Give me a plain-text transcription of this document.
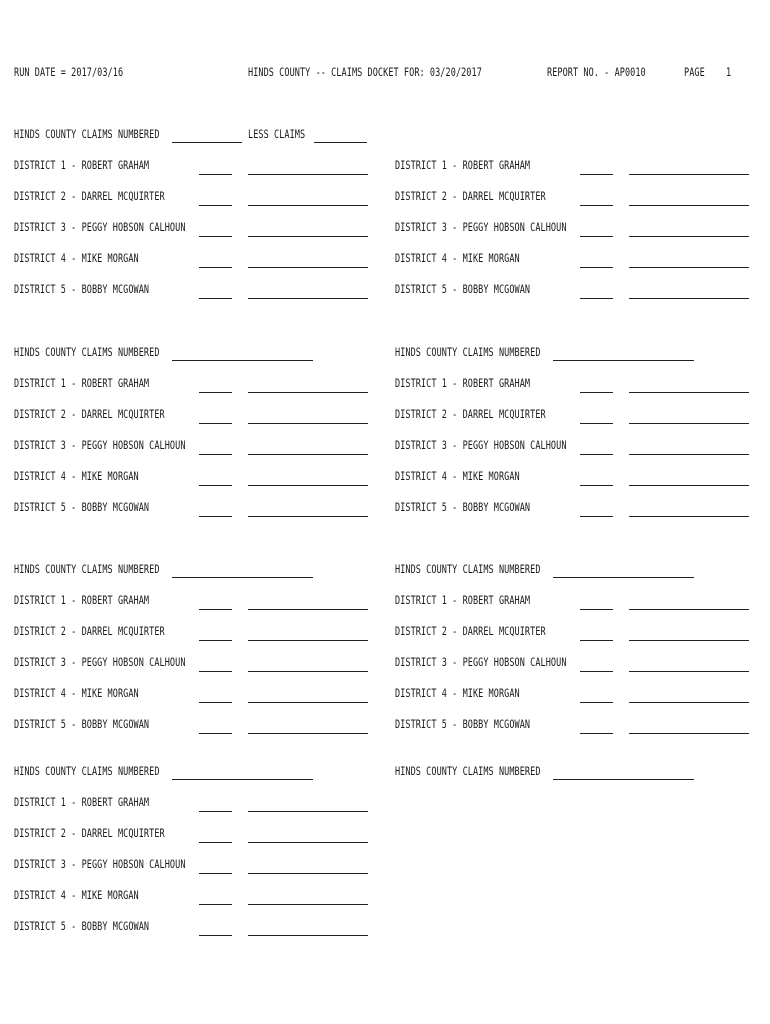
RUN DATE = 2017/03/16	HINDS COUNTY -- CLAIMS DOCKET FOR: 03/20/2017	REPORT NO. - AP0010	PAGE 1
HINDS COUNTY CLAIMS NUMBERED	LESS CLAIMS
DISTRICT 1 - ROBERT GRAHAM
DISTRICT 2 - DARREL MCQUIRTER
DISTRICT 3 - PEGGY HOBSON CALHOUN
DISTRICT 4 - MIKE MORGAN
DISTRICT 5 - BOBBY MCGOWAN
DISTRICT 1 - ROBERT GRAHAM
DISTRICT 2 - DARREL MCQUIRTER
DISTRICT 3 - PEGGY HOBSON CALHOUN
DISTRICT 4 - MIKE MORGAN
DISTRICT 5 - BOBBY MCGOWAN
HINDS COUNTY CLAIMS NUMBERED
DISTRICT 1 - ROBERT GRAHAM
DISTRICT 2 - DARREL MCQUIRTER
DISTRICT 3 - PEGGY HOBSON CALHOUN
DISTRICT 4 - MIKE MORGAN
DISTRICT 5 - BOBBY MCGOWAN
HINDS COUNTY CLAIMS NUMBERED
DISTRICT 1 - ROBERT GRAHAM
DISTRICT 2 - DARREL MCQUIRTER
DISTRICT 3 - PEGGY HOBSON CALHOUN
DISTRICT 4 - MIKE MORGAN
DISTRICT 5 - BOBBY MCGOWAN
HINDS COUNTY CLAIMS NUMBERED
DISTRICT 1 - ROBERT GRAHAM
DISTRICT 2 - DARREL MCQUIRTER
DISTRICT 3 - PEGGY HOBSON CALHOUN
DISTRICT 4 - MIKE MORGAN
DISTRICT 5 - BOBBY MCGOWAN
HINDS COUNTY CLAIMS NUMBERED
DISTRICT 1 - ROBERT GRAHAM
DISTRICT 2 - DARREL MCQUIRTER
DISTRICT 3 - PEGGY HOBSON CALHOUN
DISTRICT 4 - MIKE MORGAN
DISTRICT 5 - BOBBY MCGOWAN
HINDS COUNTY CLAIMS NUMBERED
DISTRICT 1 - ROBERT GRAHAM
DISTRICT 2 - DARREL MCQUIRTER
DISTRICT 3 - PEGGY HOBSON CALHOUN
DISTRICT 4 - MIKE MORGAN
DISTRICT 5 - BOBBY MCGOWAN
HINDS COUNTY CLAIMS NUMBERED
